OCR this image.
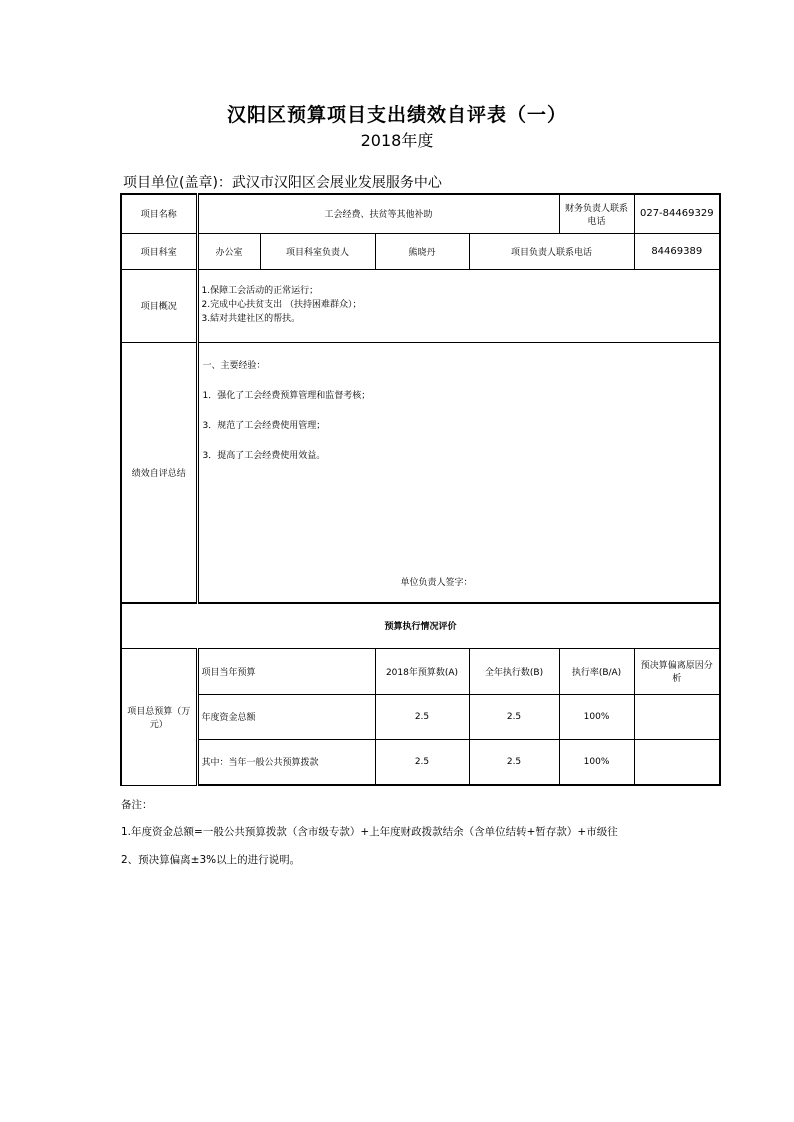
汉阳区预算项目支出绩效自评表（一）
2018年度
项目单位(盖章)：武汉市汉阳区会展业发展服务中心
项目名称	工会经费、扶贫等其他补助				财务负责人联系电话	027-84469329
项目科室	办公室	项目科室负责人	熊晓丹	项目负责人联系电话		84469389
项目概况	1.保障工会活动的正常运行；
2.完成中心扶贫支出 （扶持困难群众）；
3.結对共建社区的帮扶。					

绩效自评总结	一、主要经验：
1．强化了工会经费预算管理和监督考核；
3．规范了工会经费使用管理；
3．提高了工会经费使用效益。
单位负责人签字：					

预算执行情况评价						
项目总预算（万元）	项目当年预算		2018年预算数(A)	全年执行数(B)	执行率(B/A)	预决算偏离原因分析
	年度资金总额		2.5	2.5	100%	
	其中：当年一般公共预算拨款		2.5	2.5	100%	
备注：
1.年度资金总额=一般公共预算拨款（含市级专款）+上年度财政拨款结余（含单位结转+暂存款）+市级往
2、预决算偏离±3%以上的进行说明。
